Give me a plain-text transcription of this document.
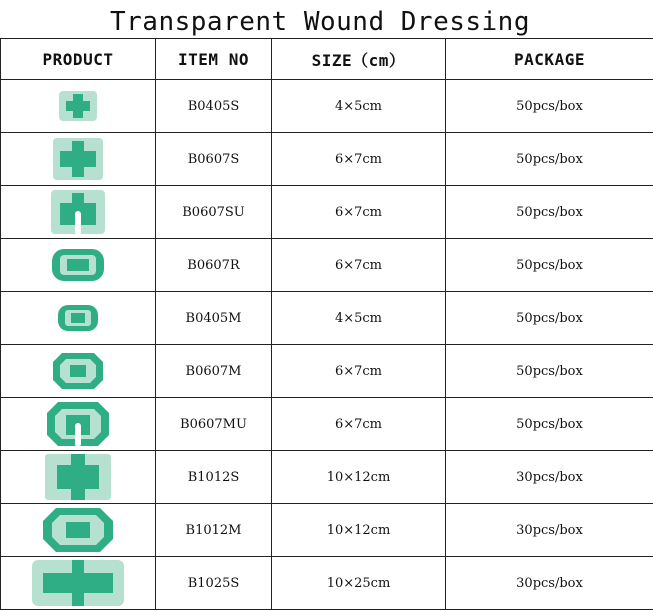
Transparent Wound Dressing
PRODUCT	ITEM NO	SIZE（cm）	PACKAGE

	B0405S	4×5cm	50pcs/box

	B0607S	6×7cm	50pcs/box

	B0607SU	6×7cm	50pcs/box

	B0607R	6×7cm	50pcs/box

	B0405M	4×5cm	50pcs/box

	B0607M	6×7cm	50pcs/box

	B0607MU	6×7cm	50pcs/box

	B1012S	10×12cm	30pcs/box

	B1012M	10×12cm	30pcs/box

	B1025S	10×25cm	30pcs/box
